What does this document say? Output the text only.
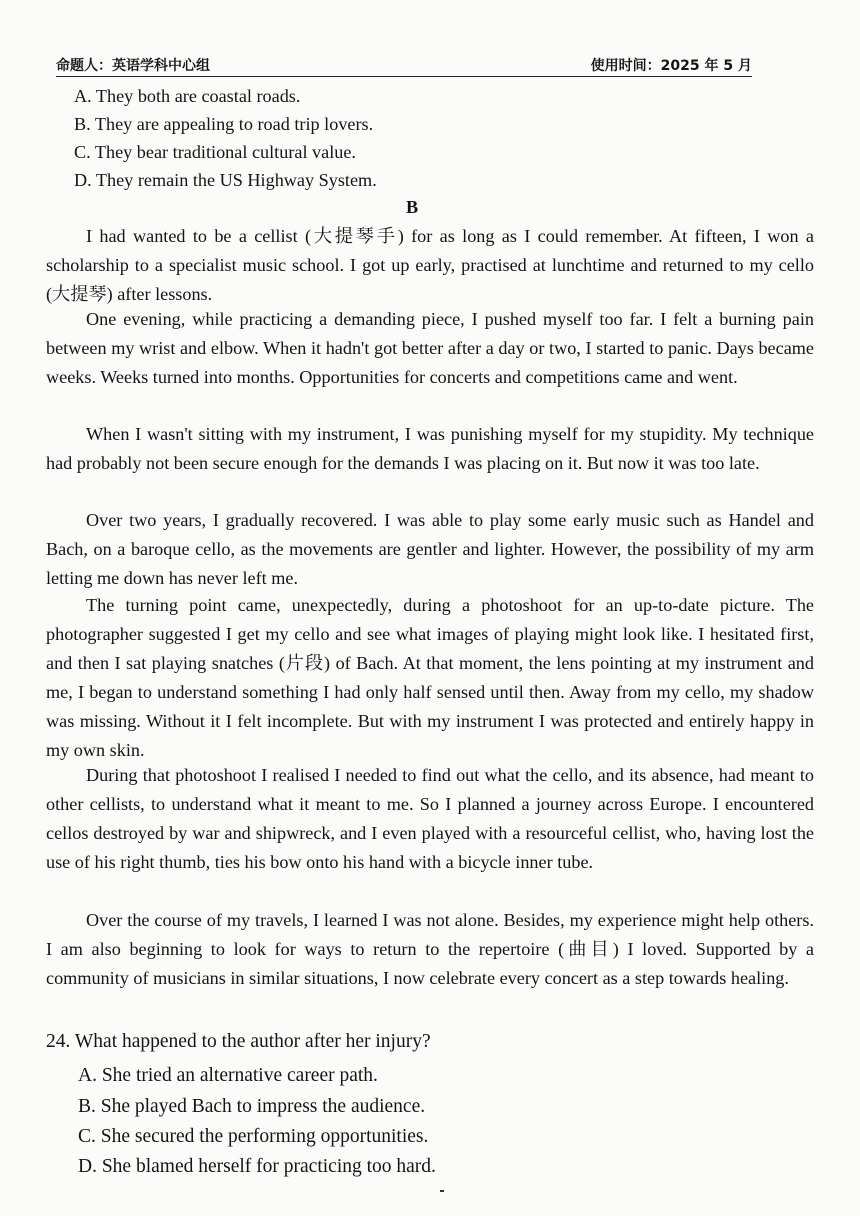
命题人：英语学科中心组	使用时间：2025 年 5 月
A. They both are coastal roads.
B. They are appealing to road trip lovers.
C. They bear traditional cultural value.
D. They remain the US Highway System.
B
I had wanted to be a cellist (大提琴手) for as long as I could remember. At fifteen, I won a scholarship to a specialist music school. I got up early, practised at lunchtime and returned to my cello (大提琴) after lessons.
One evening, while practicing a demanding piece, I pushed myself too far. I felt a burning pain between my wrist and elbow. When it hadn't got better after a day or two, I started to panic. Days became weeks. Weeks turned into months. Opportunities for concerts and competitions came and went.
When I wasn't sitting with my instrument, I was punishing myself for my stupidity. My technique had probably not been secure enough for the demands I was placing on it. But now it was too late.
Over two years, I gradually recovered. I was able to play some early music such as Handel and Bach, on a baroque cello, as the movements are gentler and lighter. However, the possibility of my arm letting me down has never left me.
The turning point came, unexpectedly, during a photoshoot for an up-to-date picture. The photographer suggested I get my cello and see what images of playing might look like. I hesitated first, and then I sat playing snatches (片段) of Bach. At that moment, the lens pointing at my instrument and me, I began to understand something I had only half sensed until then. Away from my cello, my shadow was missing. Without it I felt incomplete. But with my instrument I was protected and entirely happy in my own skin.
During that photoshoot I realised I needed to find out what the cello, and its absence, had meant to other cellists, to understand what it meant to me. So I planned a journey across Europe. I encountered cellos destroyed by war and shipwreck, and I even played with a resourceful cellist, who, having lost the use of his right thumb, ties his bow onto his hand with a bicycle inner tube.
Over the course of my travels, I learned I was not alone. Besides, my experience might help others. I am also beginning to look for ways to return to the repertoire (曲目) I loved. Supported by a community of musicians in similar situations, I now celebrate every concert as a step towards healing.
24. What happened to the author after her injury?
A. She tried an alternative career path.
B. She played Bach to impress the audience.
C. She secured the performing opportunities.
D. She blamed herself for practicing too hard.
